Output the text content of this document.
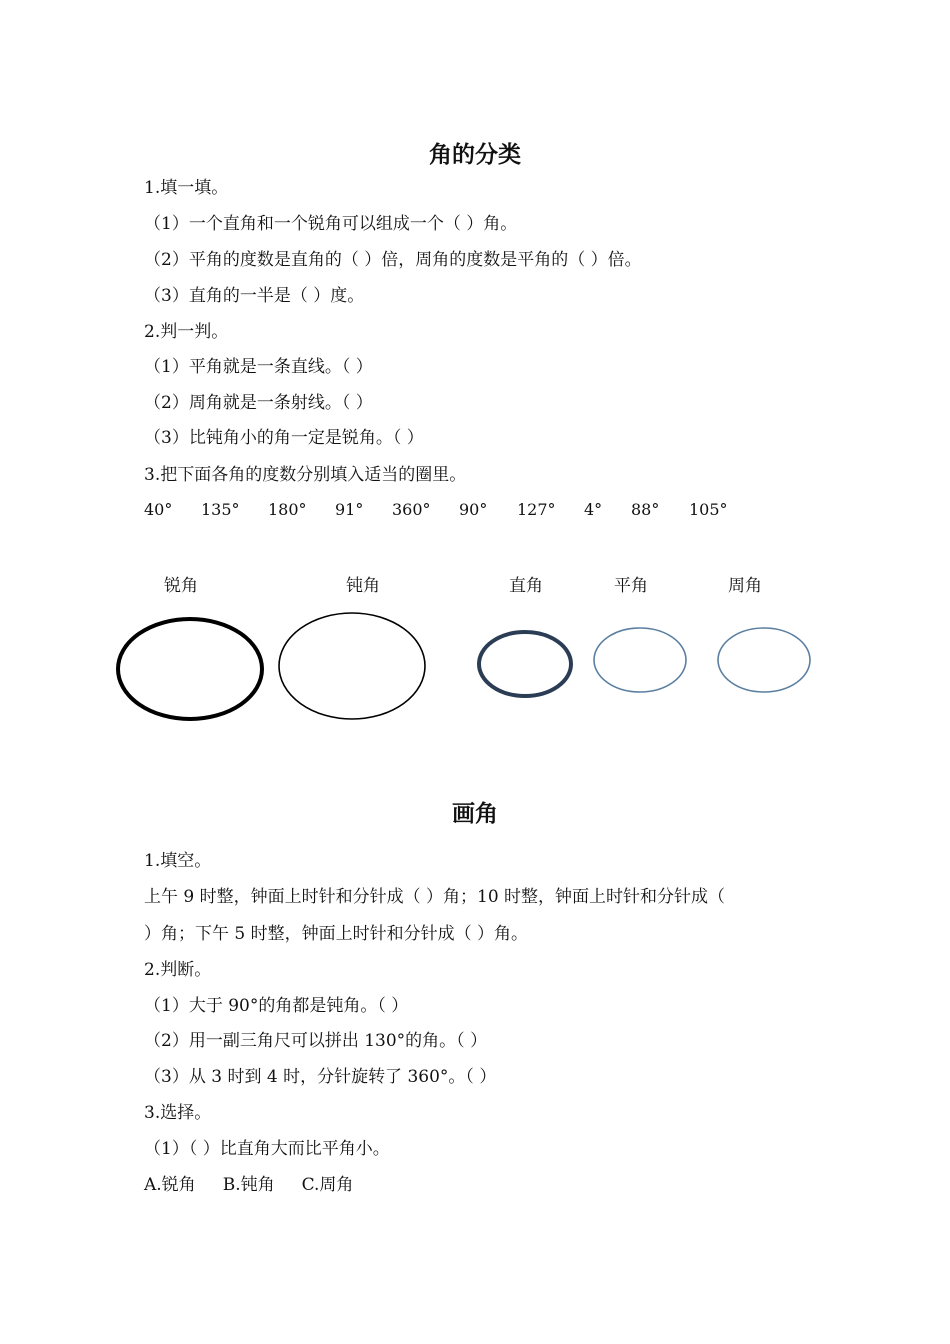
角的分类

1.填一填。

（1）一个直角和一个锐角可以组成一个（ ）角。

（2）平角的度数是直角的（ ）倍，周角的度数是平角的（ ）倍。

（3）直角的一半是（ ）度。

2.判一判。

（1）平角就是一条直线。（ ）

（2）周角就是一条射线。（ ）

（3）比钝角小的角一定是锐角。（ ）

3.把下面各角的度数分别填入适当的圈里。

40° 135° 180° 91° 360° 90° 127° 4° 88° 105°
锐角	钝角	直角	平角	周角
画角

1.填空。

上午 9 时整，钟面上时针和分针成（ ）角；10 时整，钟面上时针和分针成（

）角；下午 5 时整，钟面上时针和分针成（ ）角。

2.判断。

（1）大于 90°的角都是钝角。（ ）

（2）用一副三角尺可以拼出 130°的角。（ ）

（3）从 3 时到 4 时，分针旋转了 360°。（ ）

3.选择。

（1）（ ）比直角大而比平角小。

A.锐角     B.钝角     C.周角
